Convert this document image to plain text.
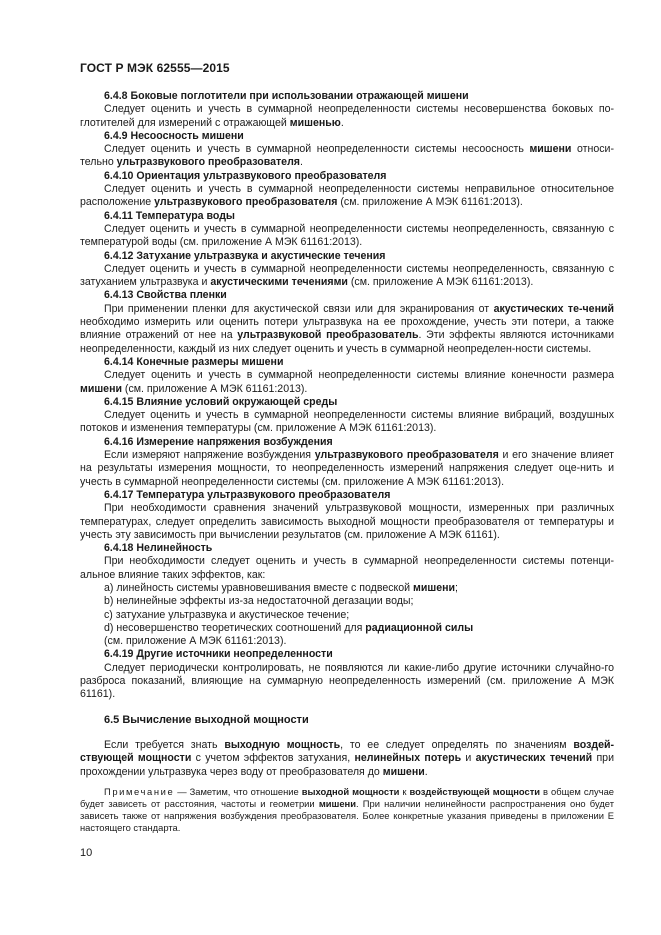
ГОСТ Р МЭК 62555—2015

6.4.8 Боковые поглотители при использовании отражающей мишени

Следует оценить и учесть в суммарной неопределенности системы несовершенства боковых по-глотителей для измерений с отражающей мишенью.

6.4.9 Несоосность мишени

Следует оценить и учесть в суммарной неопределенности системы несоосность мишени относи-тельно ультразвукового преобразователя.

6.4.10 Ориентация ультразвукового преобразователя

Следует оценить и учесть в суммарной неопределенности системы неправильное относительное расположение ультразвукового преобразователя (см. приложение А МЭК 61161:2013).

6.4.11 Температура воды

Следует оценить и учесть в суммарной неопределенности системы неопределенность, связанную с температурой воды (см. приложение А МЭК 61161:2013).

6.4.12 Затухание ультразвука и акустические течения

Следует оценить и учесть в суммарной неопределенности системы неопределенность, связанную с затуханием ультразвука и акустическими течениями (см. приложение А МЭК 61161:2013).

6.4.13 Свойства пленки

При применении пленки для акустической связи или для экранирования от акустических те-чений необходимо измерить или оценить потери ультразвука на ее прохождение, учесть эти потери, а также влияние отражений от нее на ультразвуковой преобразователь. Эти эффекты являются источниками неопределенности, каждый из них следует оценить и учесть в суммарной неопределен-ности системы.

6.4.14 Конечные размеры мишени

Следует оценить и учесть в суммарной неопределенности системы влияние конечности размера мишени (см. приложение А МЭК 61161:2013).

6.4.15 Влияние условий окружающей среды

Следует оценить и учесть в суммарной неопределенности системы влияние вибраций, воздушных потоков и изменения температуры (см. приложение А МЭК 61161:2013).

6.4.16 Измерение напряжения возбуждения

Если измеряют напряжение возбуждения ультразвукового преобразователя и его значение влияет на результаты измерения мощности, то неопределенность измерений напряжения следует оце-нить и учесть в суммарной неопределенности системы (см. приложение А МЭК 61161:2013).

6.4.17 Температура ультразвукового преобразователя

При необходимости сравнения значений ультразвуковой мощности, измеренных при различных температурах, следует определить зависимость выходной мощности преобразователя от температуры и учесть эту зависимость при вычислении результатов (см. приложение А МЭК 61161).

6.4.18 Нелинейность

При необходимости следует оценить и учесть в суммарной неопределенности системы потенци-альное влияние таких эффектов, как:

а) линейность системы уравновешивания вместе с подвеской мишени;

b) нелинейные эффекты из-за недостаточной дегазации воды;

с) затухание ультразвука и акустическое течение;

d) несовершенство теоретических соотношений для радиационной силы

(см. приложение А МЭК 61161:2013).

6.4.19 Другие источники неопределенности

Следует периодически контролировать, не появляются ли какие-либо другие источники случайно-го разброса показаний, влияющие на суммарную неопределенность измерений (см. приложение А МЭК 61161).

6.5 Вычисление выходной мощности

Если требуется знать выходную мощность, то ее следует определять по значениям воздей-ствующей мощности с учетом эффектов затухания, нелинейных потерь и акустических течений при прохождении ультразвука через воду от преобразователя до мишени.

Примечание — Заметим, что отношение выходной мощности к воздействующей мощности в общем случае будет зависеть от расстояния, частоты и геометрии мишени. При наличии нелинейности распространения оно будет зависеть также от напряжения возбуждения преобразователя. Более конкретные указания приведены в приложении Е настоящего стандарта.

10
